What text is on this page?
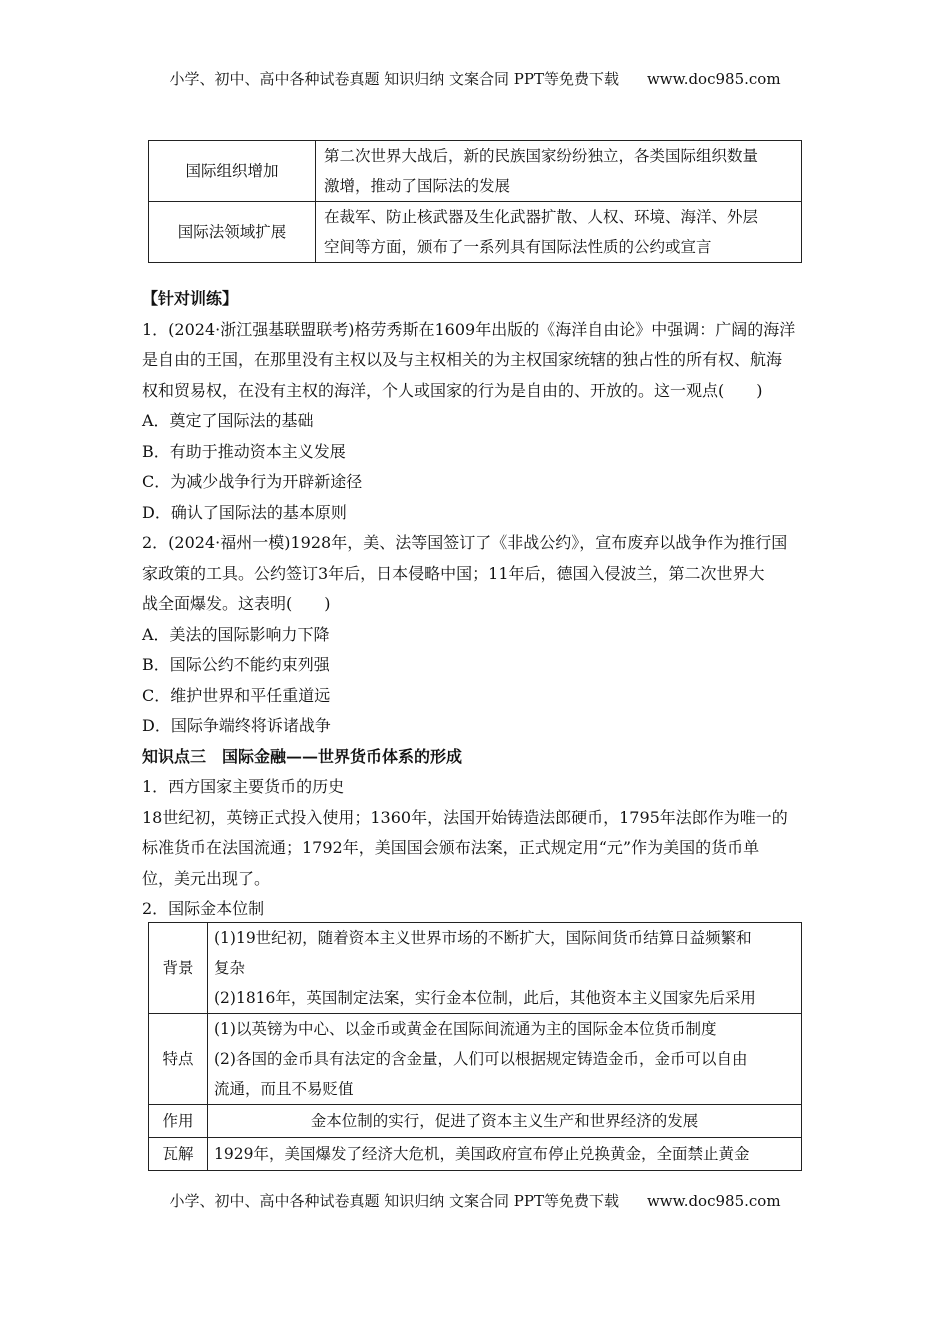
小学、初中、高中各种试卷真题 知识归纳 文案合同 PPT等免费下载 www.doc985.com
国际组织增加	第二次世界大战后，新的民族国家纷纷独立，各类国际组织数量
激增，推动了国际法的发展

国际法领域扩展	在裁军、防止核武器及生化武器扩散、人权、环境、海洋、外层
空间等方面，颁布了一系列具有国际法性质的公约或宣言
【针对训练】
1．(2024·浙江强基联盟联考)格劳秀斯在1609年出版的《海洋自由论》中强调：广阔的海洋
是自由的王国，在那里没有主权以及与主权相关的为主权国家统辖的独占性的所有权、航海
权和贸易权，在没有主权的海洋，个人或国家的行为是自由的、开放的。这一观点(　　)
A．奠定了国际法的基础
B．有助于推动资本主义发展
C．为减少战争行为开辟新途径
D．确认了国际法的基本原则
2．(2024·福州一模)1928年，美、法等国签订了《非战公约》，宣布废弃以战争作为推行国
家政策的工具。公约签订3年后，日本侵略中国；11年后，德国入侵波兰，第二次世界大
战全面爆发。这表明(　　)
A．美法的国际影响力下降
B．国际公约不能约束列强
C．维护世界和平任重道远
D．国际争端终将诉诸战争
知识点三　国际金融——世界货币体系的形成
1．西方国家主要货币的历史
18世纪初，英镑正式投入使用；1360年，法国开始铸造法郎硬币，1795年法郎作为唯一的
标准货币在法国流通；1792年，美国国会颁布法案，正式规定用“元”作为美国的货币单
位，美元出现了。
2．国际金本位制
背景	(1)19世纪初，随着资本主义世界市场的不断扩大，国际间货币结算日益频繁和
复杂
(2)1816年，英国制定法案，实行金本位制，此后，其他资本主义国家先后采用

特点	(1)以英镑为中心、以金币或黄金在国际间流通为主的国际金本位货币制度
(2)各国的金币具有法定的含金量，人们可以根据规定铸造金币，金币可以自由
流通，而且不易贬值

作用	金本位制的实行，促进了资本主义生产和世界经济的发展
瓦解	1929年，美国爆发了经济大危机，美国政府宣布停止兑换黄金，全面禁止黄金
小学、初中、高中各种试卷真题 知识归纳 文案合同 PPT等免费下载 www.doc985.com
